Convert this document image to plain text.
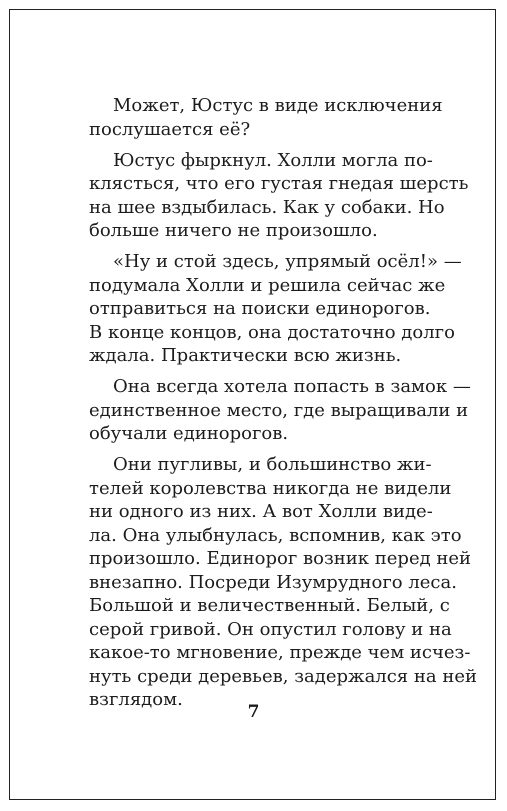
Может, Юстус в виде исключения
послушается её?

Юстус фыркнул. Холли могла по-
клясться, что его густая гнедая шерсть
на шее вздыбилась. Как у собаки. Но
больше ничего не произошло.

«Ну и стой здесь, упрямый осёл!» —
подумала Холли и решила сейчас же
отправиться на поиски единорогов.
В конце концов, она достаточно долго
ждала. Практически всю жизнь.

Она всегда хотела попасть в замок —
единственное место, где выращивали и
обучали единорогов.

Они пугливы, и большинство жи-
телей королевства никогда не видели
ни одного из них. А вот Холли виде-
ла. Она улыбнулась, вспомнив, как это
произошло. Единорог возник перед ней
внезапно. Посреди Изумрудного леса.
Большой и величественный. Белый, с
серой гривой. Он опустил голову и на
какое-то мгновение, прежде чем исчез-
нуть среди деревьев, задержался на ней
взглядом.

7
